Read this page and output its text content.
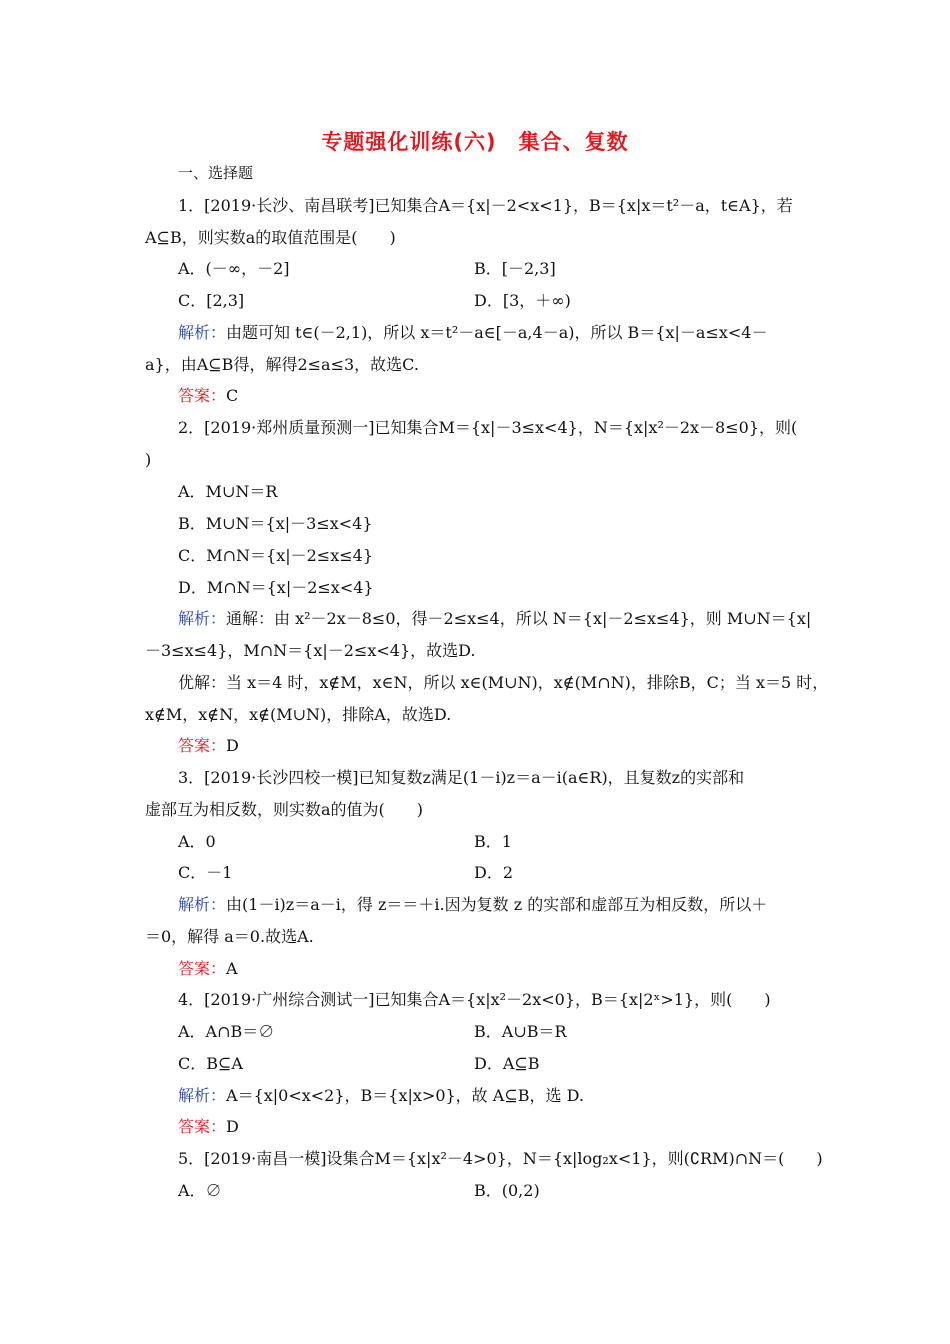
专题强化训练(六)　集合、复数
一、选择题
1．[2019·长沙、南昌联考]已知集合A＝{x|－2<x<1}，B＝{x|x＝t²－a，t∈A}，若
A⊆B，则实数a的取值范围是(　　)
A．(－∞，－2]	B．[－2,3]
C．[2,3]	D．[3，＋∞)
解析：由题可知 t∈(－2,1)，所以 x＝t²－a∈[－a,4－a)，所以 B＝{x|－a≤x<4－
a}，由A⊆B得，解得2≤a≤3，故选C.
答案：C
2．[2019·郑州质量预测一]已知集合M＝{x|－3≤x<4}，N＝{x|x²－2x－8≤0}，则(
)
A．M∪N＝R
B．M∪N＝{x|－3≤x<4}
C．M∩N＝{x|－2≤x≤4}
D．M∩N＝{x|－2≤x<4}
解析：通解：由 x²－2x－8≤0，得－2≤x≤4，所以 N＝{x|－2≤x≤4}，则 M∪N＝{x|
－3≤x≤4}，M∩N＝{x|－2≤x<4}，故选D.
优解：当 x＝4 时，x∉M，x∈N，所以 x∈(M∪N)，x∉(M∩N)，排除B，C；当 x＝5 时，
x∉M，x∉N，x∉(M∪N)，排除A，故选D.
答案：D
3．[2019·长沙四校一模]已知复数z满足(1－i)z＝a－i(a∈R)，且复数z的实部和
虚部互为相反数，则实数a的值为(　　)
A．0	B．1
C．－1	D．2
解析：由(1－i)z＝a－i，得 z＝＝＋i.因为复数 z 的实部和虚部互为相反数，所以＋
＝0，解得 a＝0.故选A.
答案：A
4．[2019·广州综合测试一]已知集合A＝{x|x²－2x<0}，B＝{x|2ˣ>1}，则(　　)
A．A∩B＝∅	B．A∪B＝R
C．B⊆A	D．A⊆B
解析：A＝{x|0<x<2}，B＝{x|x>0}，故 A⊆B，选 D.
答案：D
5．[2019·南昌一模]设集合M＝{x|x²－4>0}，N＝{x|log₂x<1}，则(∁RM)∩N＝(　　)
A．∅	B．(0,2)
